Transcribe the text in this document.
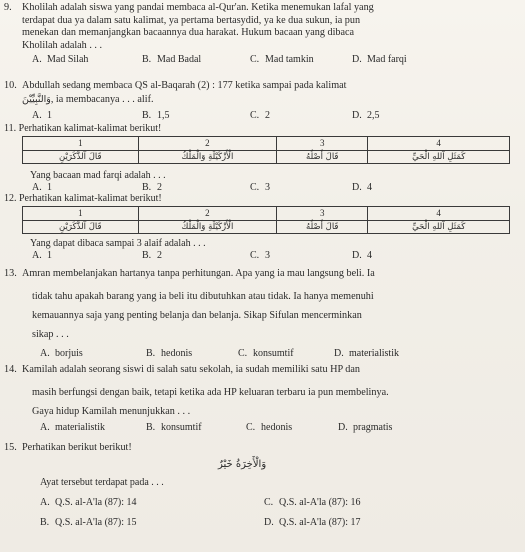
9. Kholilah adalah siswa yang pandai membaca al-Qur'an. Ketika menemukan lafal yang
terdapat dua ya dalam satu kalimat, ya pertama bertasydid, ya ke dua sukun, ia pun
menekan dan memanjangkan bacaannya dua harakat. Hukum bacaan yang dibaca
Kholilah adalah . . .
A. Mad Silah	B. Mad Badal	C. Mad tamkin	D. Mad farqi
10. Abdullah sedang membaca QS al-Baqarah (2) : 177 ketika sampai pada kalimat
وَالنَّبِيِّيْنَ, ia membacanya . . . alif.
A. 1	B. 1,5	C. 2	D. 2,5
11. Perhatikan kalimat-kalimat berikut!
1	2	3	4
قَالَ آلذَّكَرَيْنِ	الْأَزْكَيْلَةِ وَالْمَلْكُ	قَالَ أَصْلُهُ	كَمَثَلِ آللهِ الْحَيِّ
Yang bacaan mad farqi adalah . . .
A. 1	B. 2	C. 3	D. 4
12. Perhatikan kalimat-kalimat berikut!
1	2	3	4
قَالَ آلذَّكَرَيْنِ	الْأَزْكَيْلَةِ وَالْمَلْكُ	قَالَ أَصْلُهُ	كَمَثَلِ آللهِ الْحَيِّ
Yang dapat dibaca sampai 3 alaif adalah . . .
A. 1	B. 2	C. 3	D. 4
13. Amran membelanjakan hartanya tanpa perhitungan. Apa yang ia mau langsung beli. Ia
tidak tahu apakah barang yang ia beli itu dibutuhkan atau tidak. Ia hanya memenuhi
kemauannya saja yang penting belanja dan belanja. Sikap Sifulan mencerminkan
sikap . . .
A. borjuis	B. hedonis	C. konsumtif	D. materialistik
14. Kamilah adalah seorang siswi di salah satu sekolah, ia sudah memiliki satu HP dan
masih berfungsi dengan baik, tetapi ketika ada HP keluaran terbaru ia pun membelinya.
Gaya hidup Kamilah menunjukkan . . .
A. materialistik	B. konsumtif	C. hedonis	D. pragmatis
15. Perhatikan berikut berikut!
وَالْأَخِرَةُ خَيْرٌ
Ayat tersebut terdapat pada . . .
A. Q.S. al-A'la (87): 14	C. Q.S. al-A'la (87): 16
B. Q.S. al-A'la (87): 15	D. Q.S. al-A'la (87): 17
